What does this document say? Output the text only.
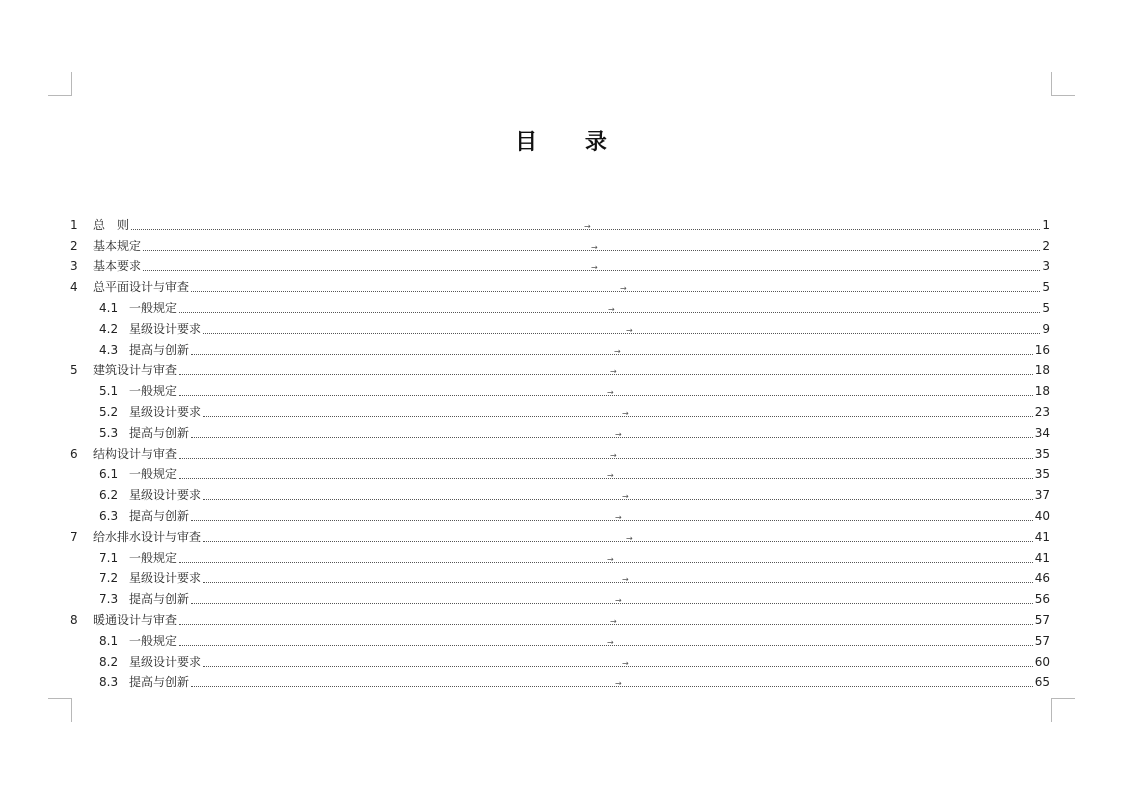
目 录
1	总　则	1
→
2	基本规定	2
→
3	基本要求	3
→
4	总平面设计与审查	5
→
4.1 一般规定	5
→
4.2 星级设计要求	9
→
4.3 提高与创新	16
→
5	建筑设计与审查	18
→
5.1 一般规定	18
→
5.2 星级设计要求	23
→
5.3 提高与创新	34
→
6	结构设计与审查	35
→
6.1 一般规定	35
→
6.2 星级设计要求	37
→
6.3 提高与创新	40
→
7	给水排水设计与审查	41
→
7.1 一般规定	41
→
7.2 星级设计要求	46
→
7.3 提高与创新	56
→
8	暖通设计与审查	57
→
8.1 一般规定	57
→
8.2 星级设计要求	60
→
8.3 提高与创新	65
→
